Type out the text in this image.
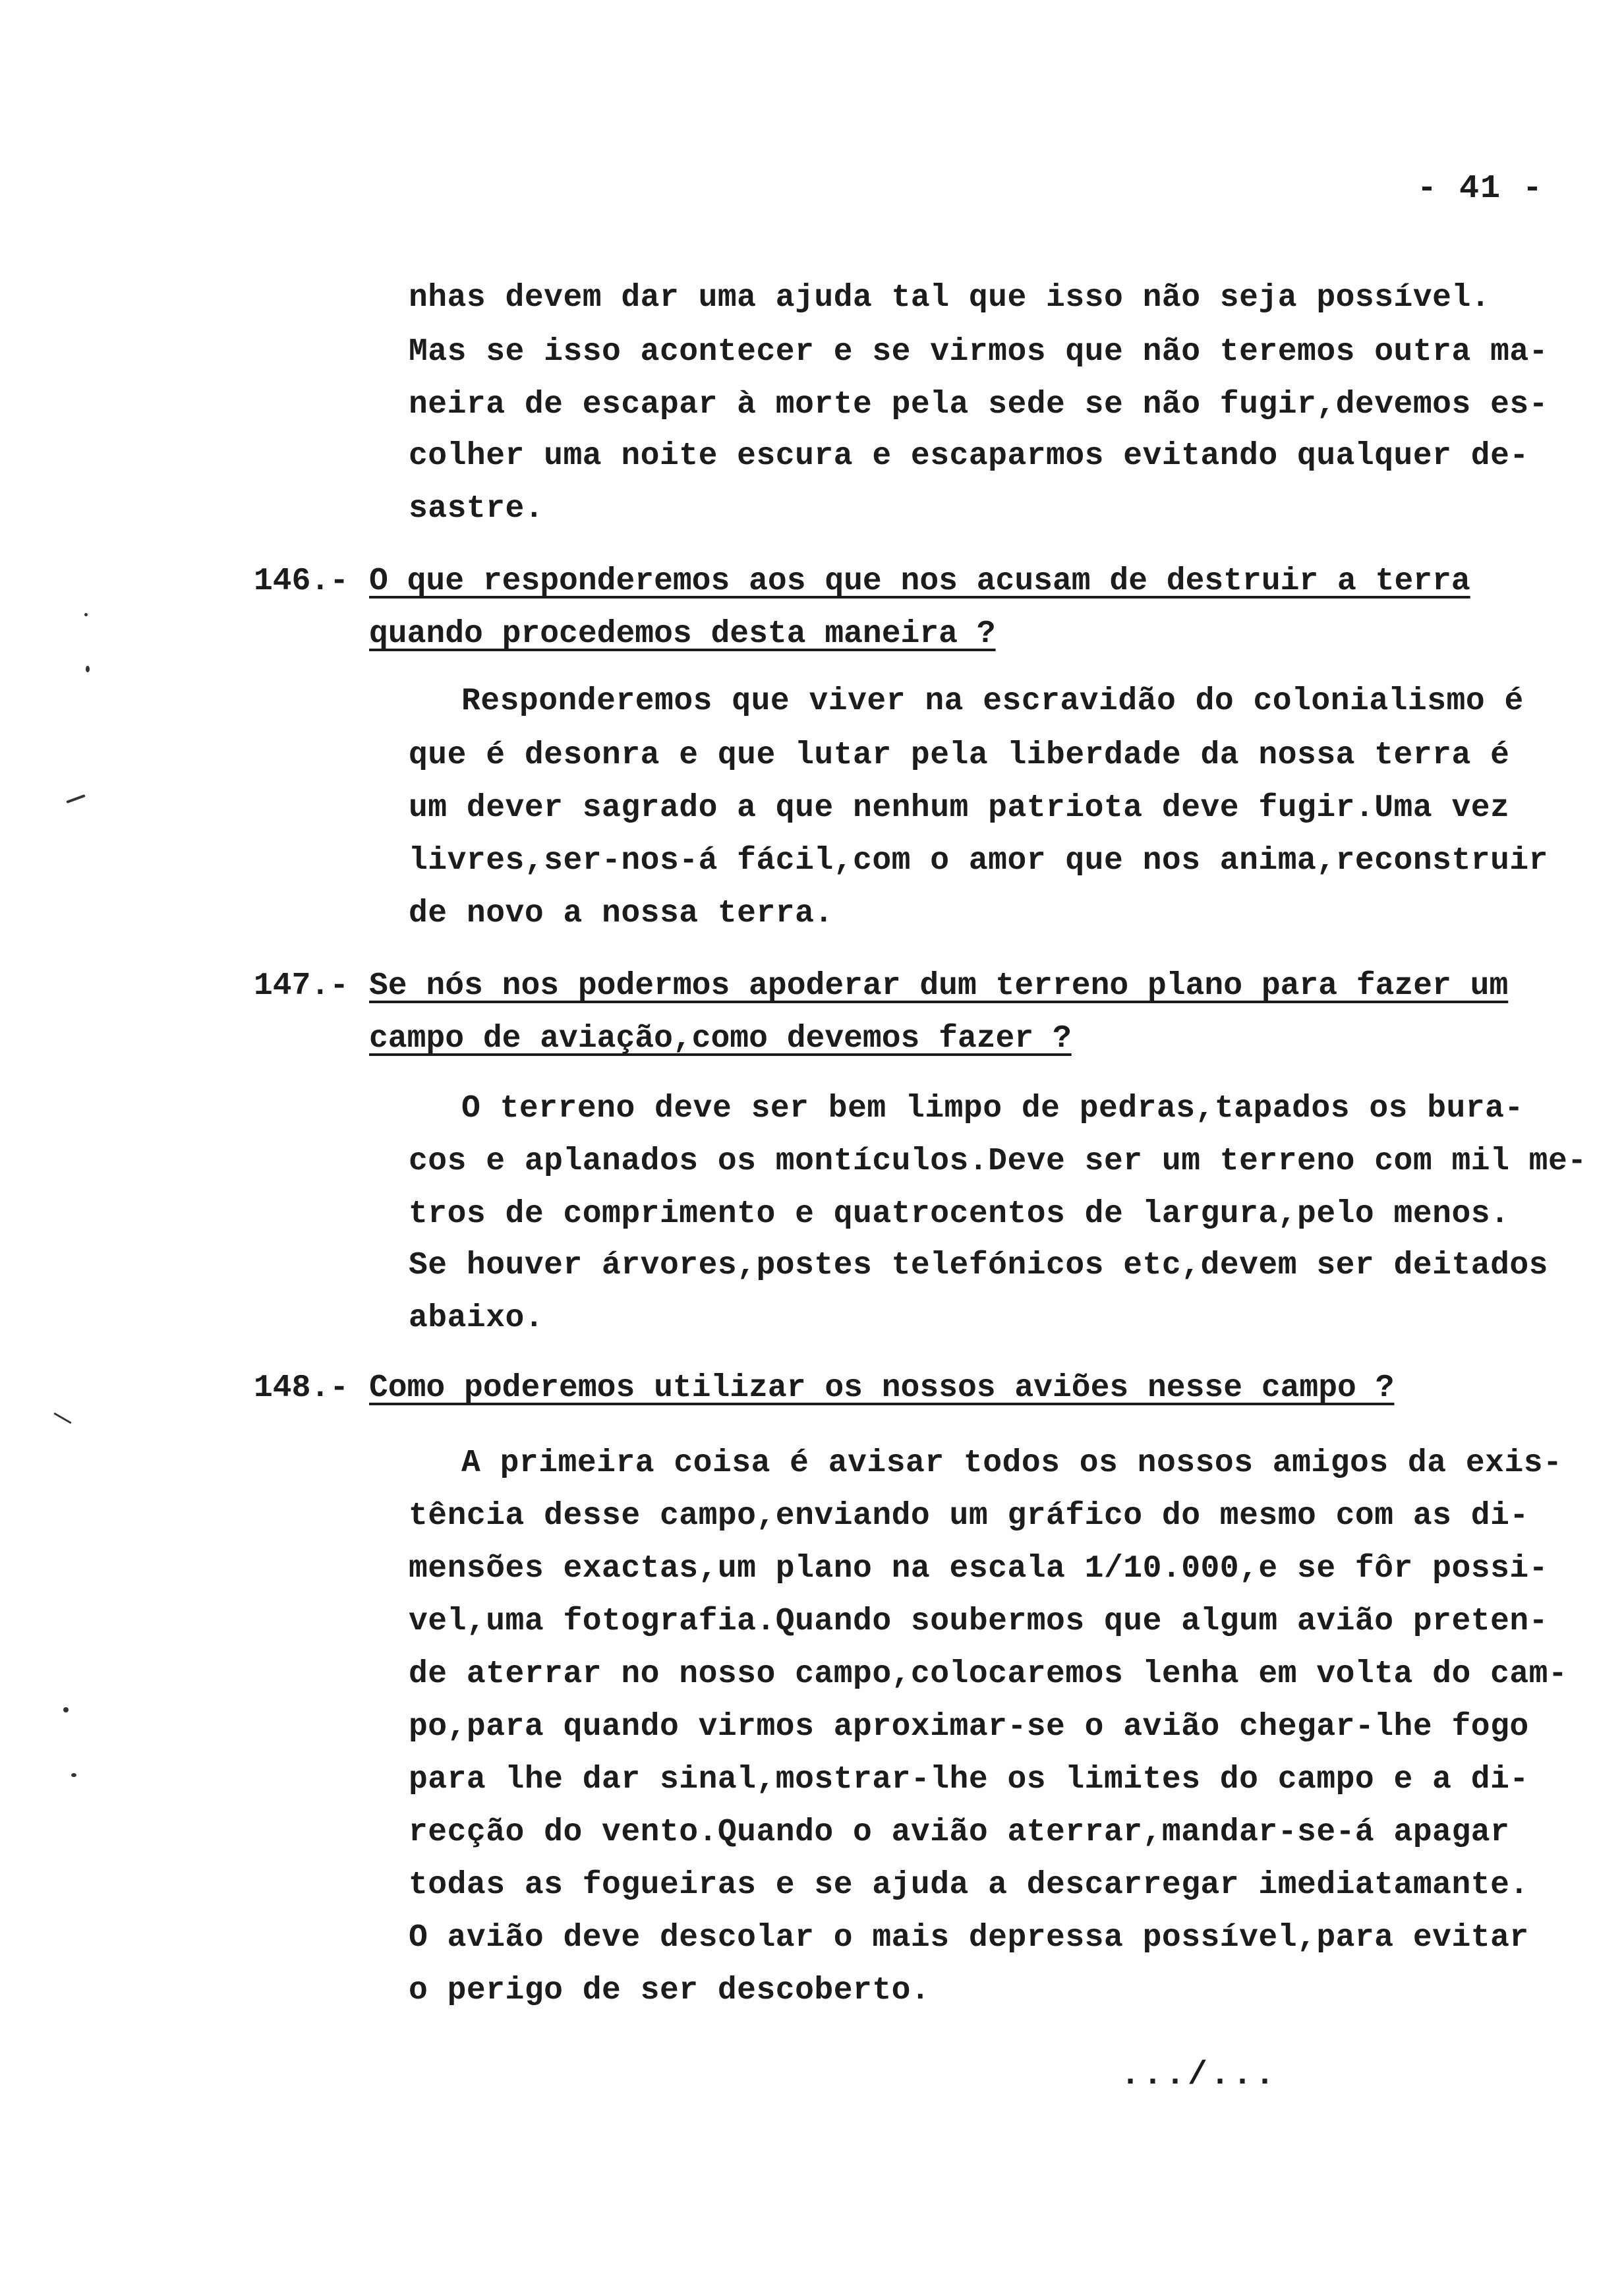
- 41 -
nhas devem dar uma ajuda tal que isso não seja possível.
Mas se isso acontecer e se virmos que não teremos outra ma-
neira de escapar à morte pela sede se não fugir,devemos es-
colher uma noite escura e escaparmos evitando qualquer de-
sastre.
146.- O que responderemos aos que nos acusam de destruir a terra
quando procedemos desta maneira ?
Responderemos que viver na escravidão do colonialismo é
que é desonra e que lutar pela liberdade da nossa terra é
um dever sagrado a que nenhum patriota deve fugir.Uma vez
livres,ser-nos-á fácil,com o amor que nos anima,reconstruir
de novo a nossa terra.
147.- Se nós nos podermos apoderar dum terreno plano para fazer um
campo de aviação,como devemos fazer ?
O terreno deve ser bem limpo de pedras,tapados os bura-
cos e aplanados os montículos.Deve ser um terreno com mil me-
tros de comprimento e quatrocentos de largura,pelo menos.
Se houver árvores,postes telefónicos etc,devem ser deitados
abaixo.
148.- Como poderemos utilizar os nossos aviões nesse campo ?
A primeira coisa é avisar todos os nossos amigos da exis-
tência desse campo,enviando um gráfico do mesmo com as di-
mensões exactas,um plano na escala 1/10.000,e se fôr possi-
vel,uma fotografia.Quando soubermos que algum avião preten-
de aterrar no nosso campo,colocaremos lenha em volta do cam-
po,para quando virmos aproximar-se o avião chegar-lhe fogo
para lhe dar sinal,mostrar-lhe os limites do campo e a di-
recção do vento.Quando o avião aterrar,mandar-se-á apagar
todas as fogueiras e se ajuda a descarregar imediatamante.
O avião deve descolar o mais depressa possível,para evitar
o perigo de ser descoberto.
.../...
